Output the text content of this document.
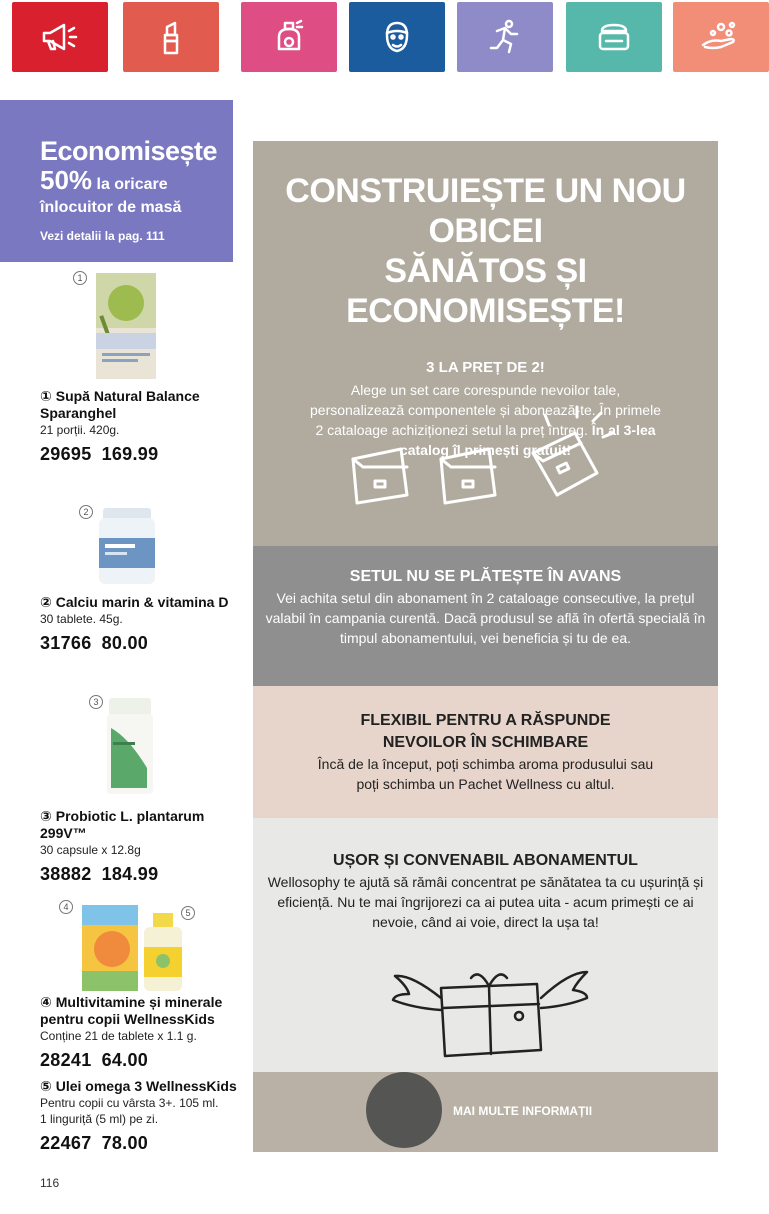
Economisește
50% la oricare
înlocuitor de masă
Vezi detalii la pag. 111
1
① Supă Natural Balance Sparanghel
21 porții. 420g.
29695 169.99
2
② Calciu marin & vitamina D
30 tablete. 45g.
31766 80.00
3
③ Probiotic L. plantarum 299V™
30 capsule x 12.8g
38882 184.99
4
5
④ Multivitamine și minerale pentru copii WellnessKids
Conține 21 de tablete x 1.1 g.
28241 64.00
⑤ Ulei omega 3 WellnessKids
Pentru copii cu vârsta 3+. 105 ml. 1 linguriță (5 ml) pe zi.
22467 78.00
116
CONSTRUIEȘTE UN NOU OBICEI
SĂNĂTOS ȘI ECONOMISEȘTE!
3 LA PREȚ DE 2!
Alege un set care corespunde nevoilor tale, personalizează componentele și abonează-te. În primele 2 cataloage achiziționezi setul la preț întreg. În al 3-lea catalog îl primești gratuit!
SETUL NU SE PLĂTEȘTE ÎN AVANS
Vei achita setul din abonament în 2 cataloage consecutive, la prețul valabil în campania curentă. Dacă produsul se află în ofertă specială în timpul abonamentului, vei beneficia și tu de ea.
FLEXIBIL PENTRU A RĂSPUNDE
NEVOILOR ÎN SCHIMBARE
Încă de la început, poți schimba aroma produsului sau poți schimba un Pachet Wellness cu altul.
UȘOR ȘI CONVENABIL ABONAMENTUL
Wellosophy te ajută să rămâi concentrat pe sănătatea ta cu ușurință și eficiență. Nu te mai îngrijorezi ca ai putea uita - acum primești ce ai nevoie, când ai voie, direct la ușa ta!
MAI MULTE INFORMAȚII
